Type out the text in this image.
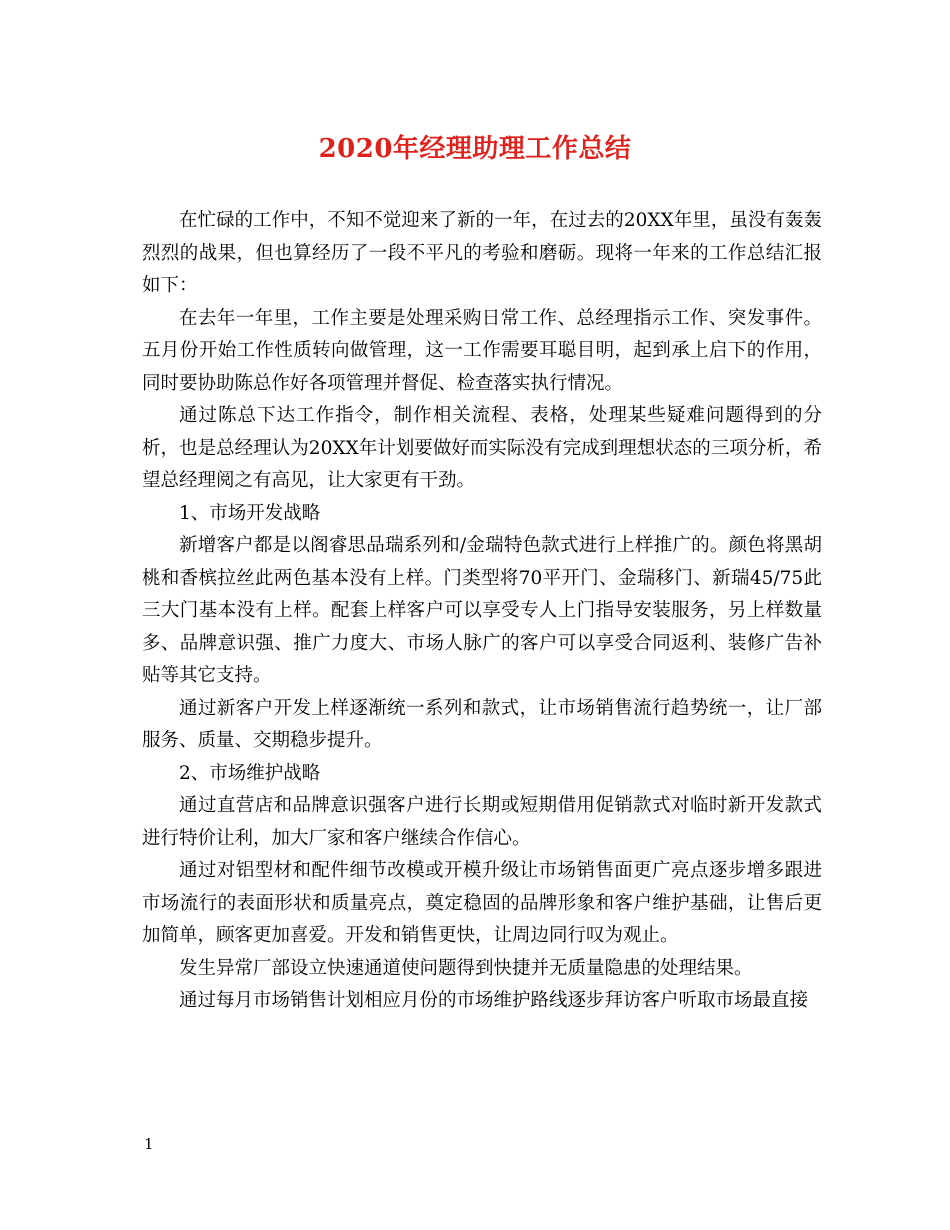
2020年经理助理工作总结

在忙碌的工作中，不知不觉迎来了新的一年，在过去的20XX年里，虽没有轰轰烈烈的战果，但也算经历了一段不平凡的考验和磨砺。现将一年来的工作总结汇报如下：

在去年一年里，工作主要是处理采购日常工作、总经理指示工作、突发事件。五月份开始工作性质转向做管理，这一工作需要耳聪目明，起到承上启下的作用，同时要协助陈总作好各项管理并督促、检查落实执行情况。

通过陈总下达工作指令，制作相关流程、表格，处理某些疑难问题得到的分析，也是总经理认为20XX年计划要做好而实际没有完成到理想状态的三项分析，希望总经理阅之有高见，让大家更有干劲。

1、市场开发战略

新增客户都是以阁睿思品瑞系列和/金瑞特色款式进行上样推广的。颜色将黑胡桃和香槟拉丝此两色基本没有上样。门类型将70平开门、金瑞移门、新瑞45/75此三大门基本没有上样。配套上样客户可以享受专人上门指导安装服务，另上样数量多、品牌意识强、推广力度大、市场人脉广的客户可以享受合同返利、装修广告补贴等其它支持。

通过新客户开发上样逐渐统一系列和款式，让市场销售流行趋势统一，让厂部服务、质量、交期稳步提升。

2、市场维护战略

通过直营店和品牌意识强客户进行长期或短期借用促销款式对临时新开发款式进行特价让利，加大厂家和客户继续合作信心。

通过对铝型材和配件细节改模或开模升级让市场销售面更广亮点逐步增多跟进市场流行的表面形状和质量亮点，奠定稳固的品牌形象和客户维护基础，让售后更加简单，顾客更加喜爱。开发和销售更快，让周边同行叹为观止。

发生异常厂部设立快速通道使问题得到快捷并无质量隐患的处理结果。

通过每月市场销售计划相应月份的市场维护路线逐步拜访客户听取市场最直接

1
